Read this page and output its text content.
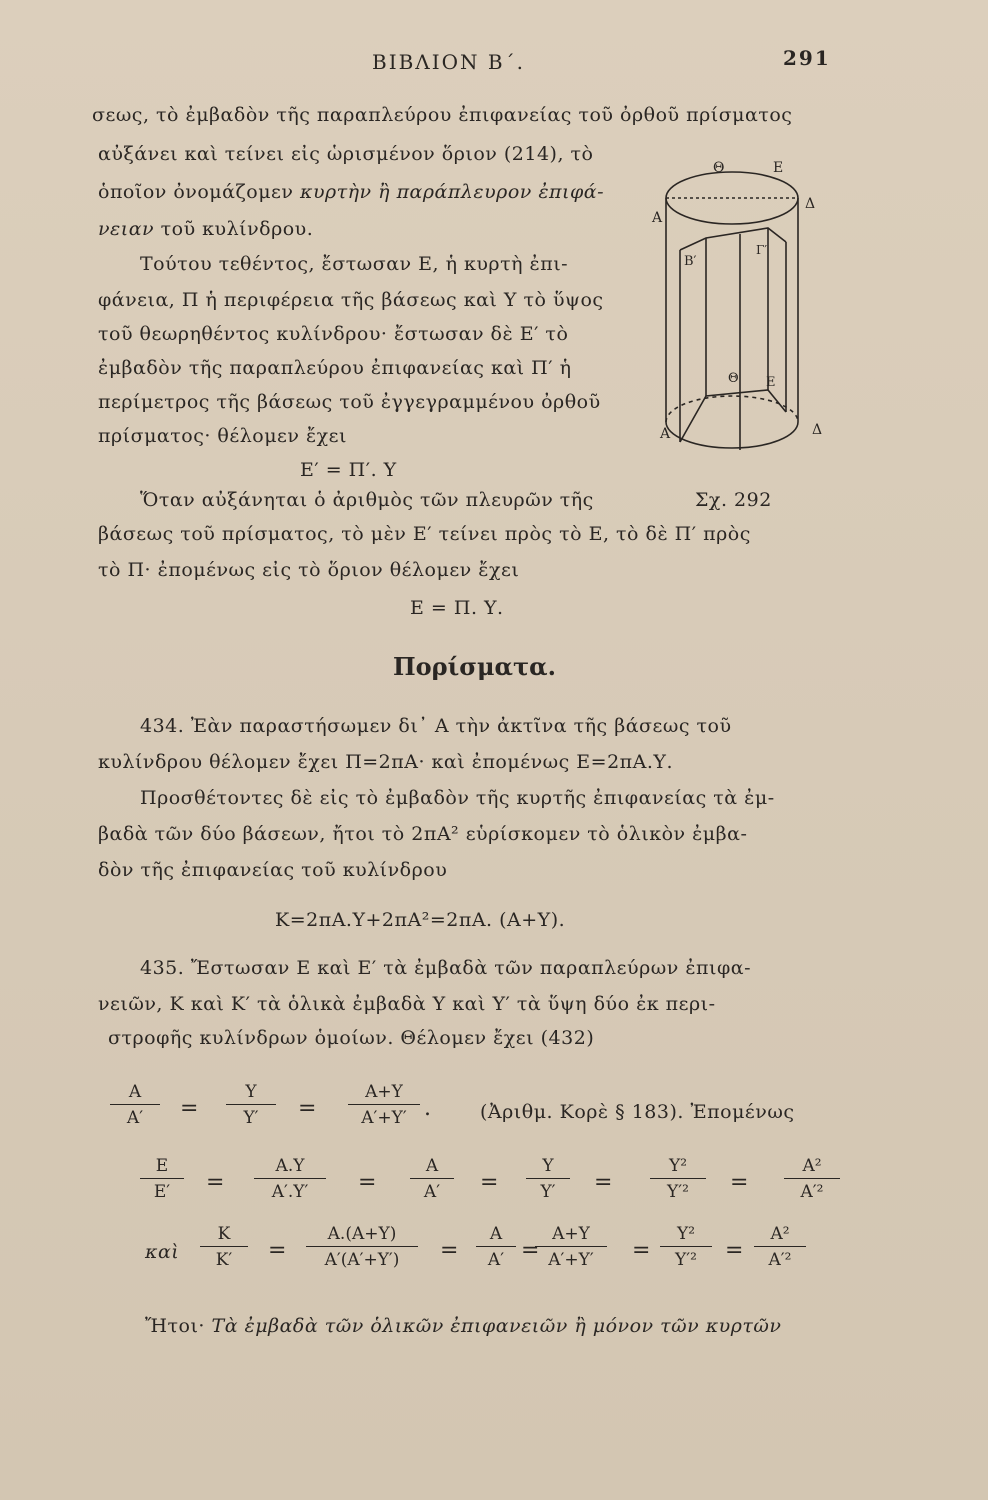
ΒΙΒΛΙΟΝ Β΄.	291
σεως, τὸ ἐμβαδὸν τῆς παραπλεύρου ἐπιφανείας τοῦ ὀρθοῦ πρίσματος
αὐξάνει καὶ τείνει εἰς ὡρισμένον ὅριον (214), τὸ
ὁποῖον ὀνομάζομεν κυρτὴν ἢ παράπλευρον ἐπιφά-
νειαν τοῦ κυλίνδρου.
Τούτου τεθέντος, ἔστωσαν Ε, ἡ κυρτὴ ἐπι-
φάνεια, Π ἡ περιφέρεια τῆς βάσεως καὶ Υ τὸ ὕψος
τοῦ θεωρηθέντος κυλίνδρου· ἔστωσαν δὲ Ε′ τὸ
ἐμβαδὸν τῆς παραπλεύρου ἐπιφανείας καὶ Π′ ἡ
περίμετρος τῆς βάσεως τοῦ ἐγγεγραμμένου ὀρθοῦ
πρίσματος· θέλομεν ἔχει
Ε′ = Π′. Υ
Θ	Ε
Α
Δ
Β′
Γ′
Θ Ε
Α	Δ
Σχ. 292
Ὅταν αὐξάνηται ὁ ἀριθμὸς τῶν πλευρῶν τῆς
βάσεως τοῦ πρίσματος, τὸ μὲν Ε′ τείνει πρὸς τὸ Ε, τὸ δὲ Π′ πρὸς
τὸ Π· ἐπομένως εἰς τὸ ὅριον θέλομεν ἔχει
Ε = Π. Υ.
Πορίσματα.
434. Ἐὰν παραστήσωμεν δι᾽ Α τὴν ἀκτῖνα τῆς βάσεως τοῦ
κυλίνδρου θέλομεν ἔχει Π=2πΑ· καὶ ἐπομένως Ε=2πΑ.Υ.
Προσθέτοντες δὲ εἰς τὸ ἐμβαδὸν τῆς κυρτῆς ἐπιφανείας τὰ ἐμ-
βαδὰ τῶν δύο βάσεων, ἤτοι τὸ 2πΑ² εὑρίσκομεν τὸ ὁλικὸν ἐμβα-
δὸν τῆς ἐπιφανείας τοῦ κυλίνδρου
Κ=2πΑ.Υ+2πΑ²=2πΑ. (Α+Υ).
435. Ἔστωσαν Ε καὶ Ε′ τὰ ἐμβαδὰ τῶν παραπλεύρων ἐπιφα-
νειῶν, Κ καὶ Κ′ τὰ ὁλικὰ ἐμβαδὰ Υ καὶ Υ′ τὰ ὕψη δύο ἐκ περι-
στροφῆς κυλίνδρων ὁμοίων. Θέλομεν ἔχει (432)
$\frac{A}{A'} = \frac{\Upsilon}{\Upsilon'} = \frac{A+\Upsilon}{A'+\Upsilon'}$ .	(Ἀριθμ. Κορὲ § 183). Ἐπομένως
$\frac{E}{E'} = \frac{A.\Upsilon}{A'.\Upsilon'} = \frac{A}{A'} = \frac{\Upsilon}{\Upsilon'} = \frac{\text{Υ²}}{\text{Υ′²}} = \frac{\text{Α²}}{\text{Α′²}}$
καὶ $\frac{K}{K'} = \frac{A.(A+\Upsilon)}{A'(A'+\Upsilon')} = \frac{A}{A'}$ =
$\frac{A+\Upsilon}{A'+\Upsilon'} = \frac{\text{Υ²}}{\text{Υ′²}} = \frac{\text{Α²}}{\text{Α′²}}$
Ἤτοι· Τὰ ἐμβαδὰ τῶν ὁλικῶν ἐπιφανειῶν ἢ μόνον τῶν κυρτῶν
